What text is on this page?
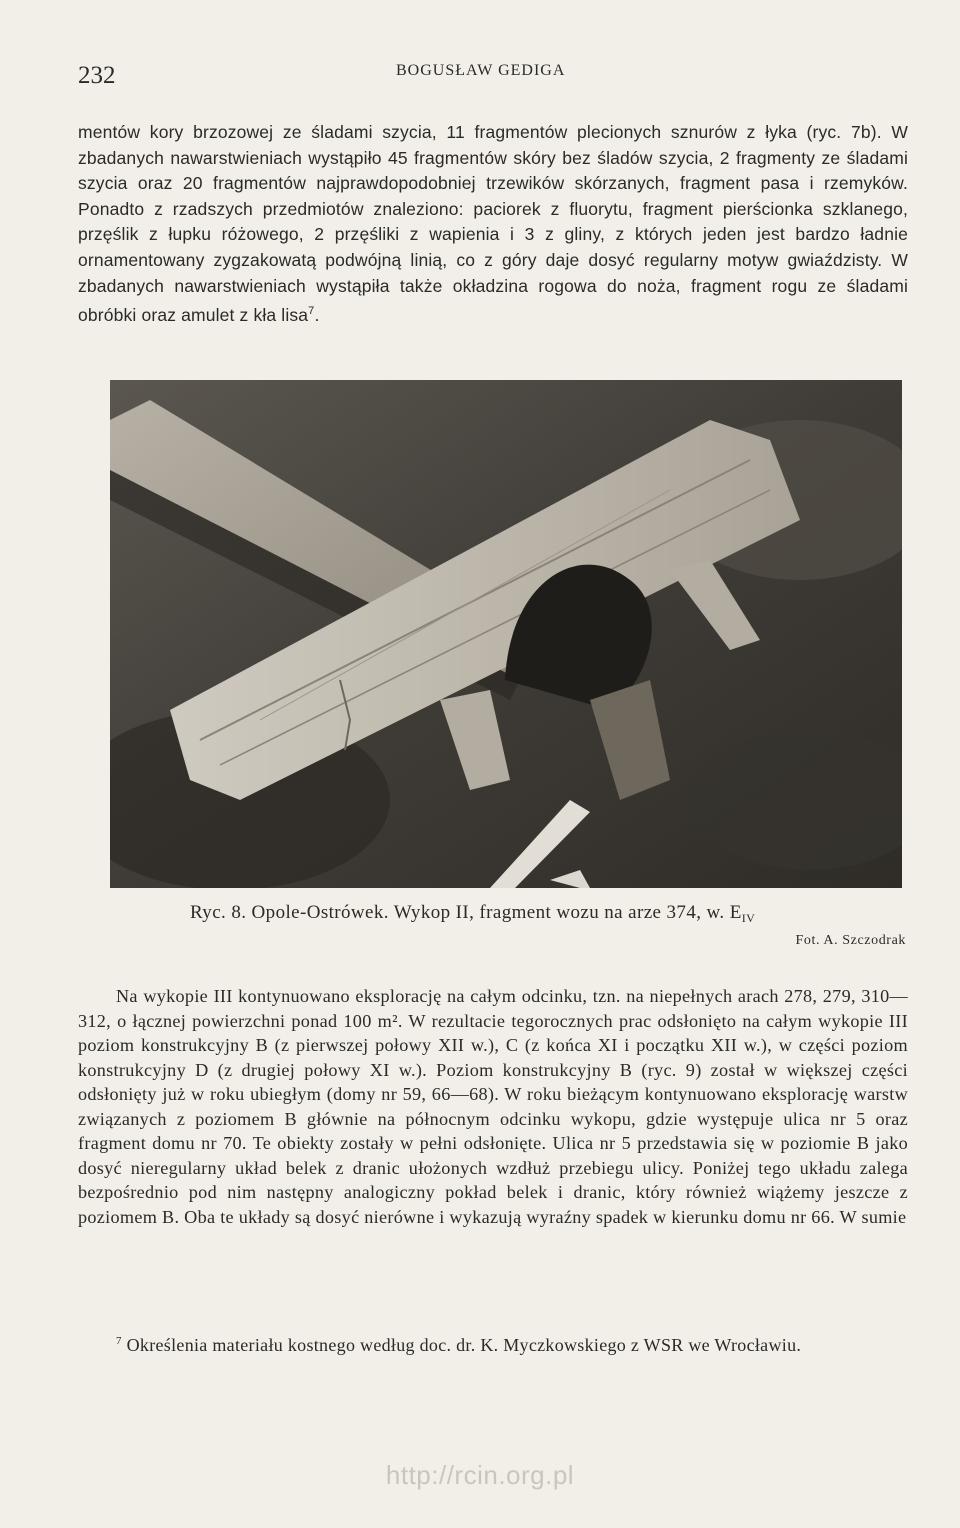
232	BOGUSŁAW GEDIGA
mentów kory brzozowej ze śladami szycia, 11 fragmentów plecionych sznurów z łyka (ryc. 7b). W zbadanych nawarstwieniach wystąpiło 45 fragmentów skóry bez śladów szycia, 2 fragmenty ze śladami szycia oraz 20 fragmentów najprawdopodobniej trzewików skórzanych, fragment pasa i rzemyków. Ponadto z rzadszych przedmiotów znaleziono: paciorek z fluorytu, fragment pierścionka szklanego, przęślik z łupku różowego, 2 przęśliki z wapienia i 3 z gliny, z których jeden jest bardzo ładnie ornamentowany zygzakowatą podwójną linią, co z góry daje dosyć regularny motyw gwiaździsty. W zbadanych nawarstwieniach wystąpiła także okładzina rogowa do noża, fragment rogu ze śladami obróbki oraz amulet z kła lisa$^7$.
Ryc. 8. Opole-Ostrówek. Wykop II, fragment wozu na arze 374, w. $E_{IV}$
Fot. A. Szczodrak
Na wykopie III kontynuowano eksplorację na całym odcinku, tzn. na niepełnych arach 278, 279, 310—312, o łącznej powierzchni ponad 100 m². W rezultacie tegorocznych prac odsłonięto na całym wykopie III poziom konstrukcyjny B (z pierwszej połowy XII w.), C (z końca XI i początku XII w.), w części poziom konstrukcyjny D (z drugiej połowy XI w.). Poziom konstrukcyjny B (ryc. 9) został w większej części odsłonięty już w roku ubiegłym (domy nr 59, 66—68). W roku bieżącym kontynuowano eksplorację warstw związanych z poziomem B głównie na północnym odcinku wykopu, gdzie występuje ulica nr 5 oraz fragment domu nr 70. Te obiekty zostały w pełni odsłonięte. Ulica nr 5 przedstawia się w poziomie B jako dosyć nieregularny układ belek z dranic ułożonych wzdłuż przebiegu ulicy. Poniżej tego układu zalega bezpośrednio pod nim następny analogiczny pokład belek i dranic, który również wiążemy jeszcze z poziomem B. Oba te układy są dosyć nierówne i wykazują wyraźny spadek w kierunku domu nr 66. W sumie
$^7$ Określenia materiału kostnego według doc. dr. K. Myczkowskiego z WSR we Wrocławiu.
http://rcin.org.pl
